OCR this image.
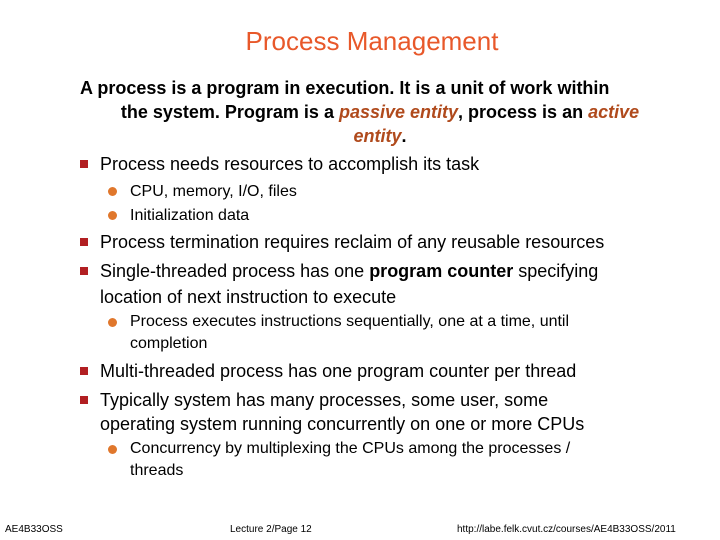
Process Management
A process is a program in execution. It is a unit of work within
the system. Program is a passive entity, process is an active
entity.
Process needs resources to accomplish its task
CPU, memory, I/O, files
Initialization data
Process termination requires reclaim of any reusable resources
Single-threaded process has one program counter specifying
location of next instruction to execute
Process executes instructions sequentially, one at a time, until
completion
Multi-threaded process has one program counter per thread
Typically system has many processes, some user, some
operating system running concurrently on one or more CPUs
Concurrency by multiplexing the CPUs among the processes /
threads
AE4B33OSS	Lecture 2/Page 12	http://labe.felk.cvut.cz/courses/AE4B33OSS/2011
